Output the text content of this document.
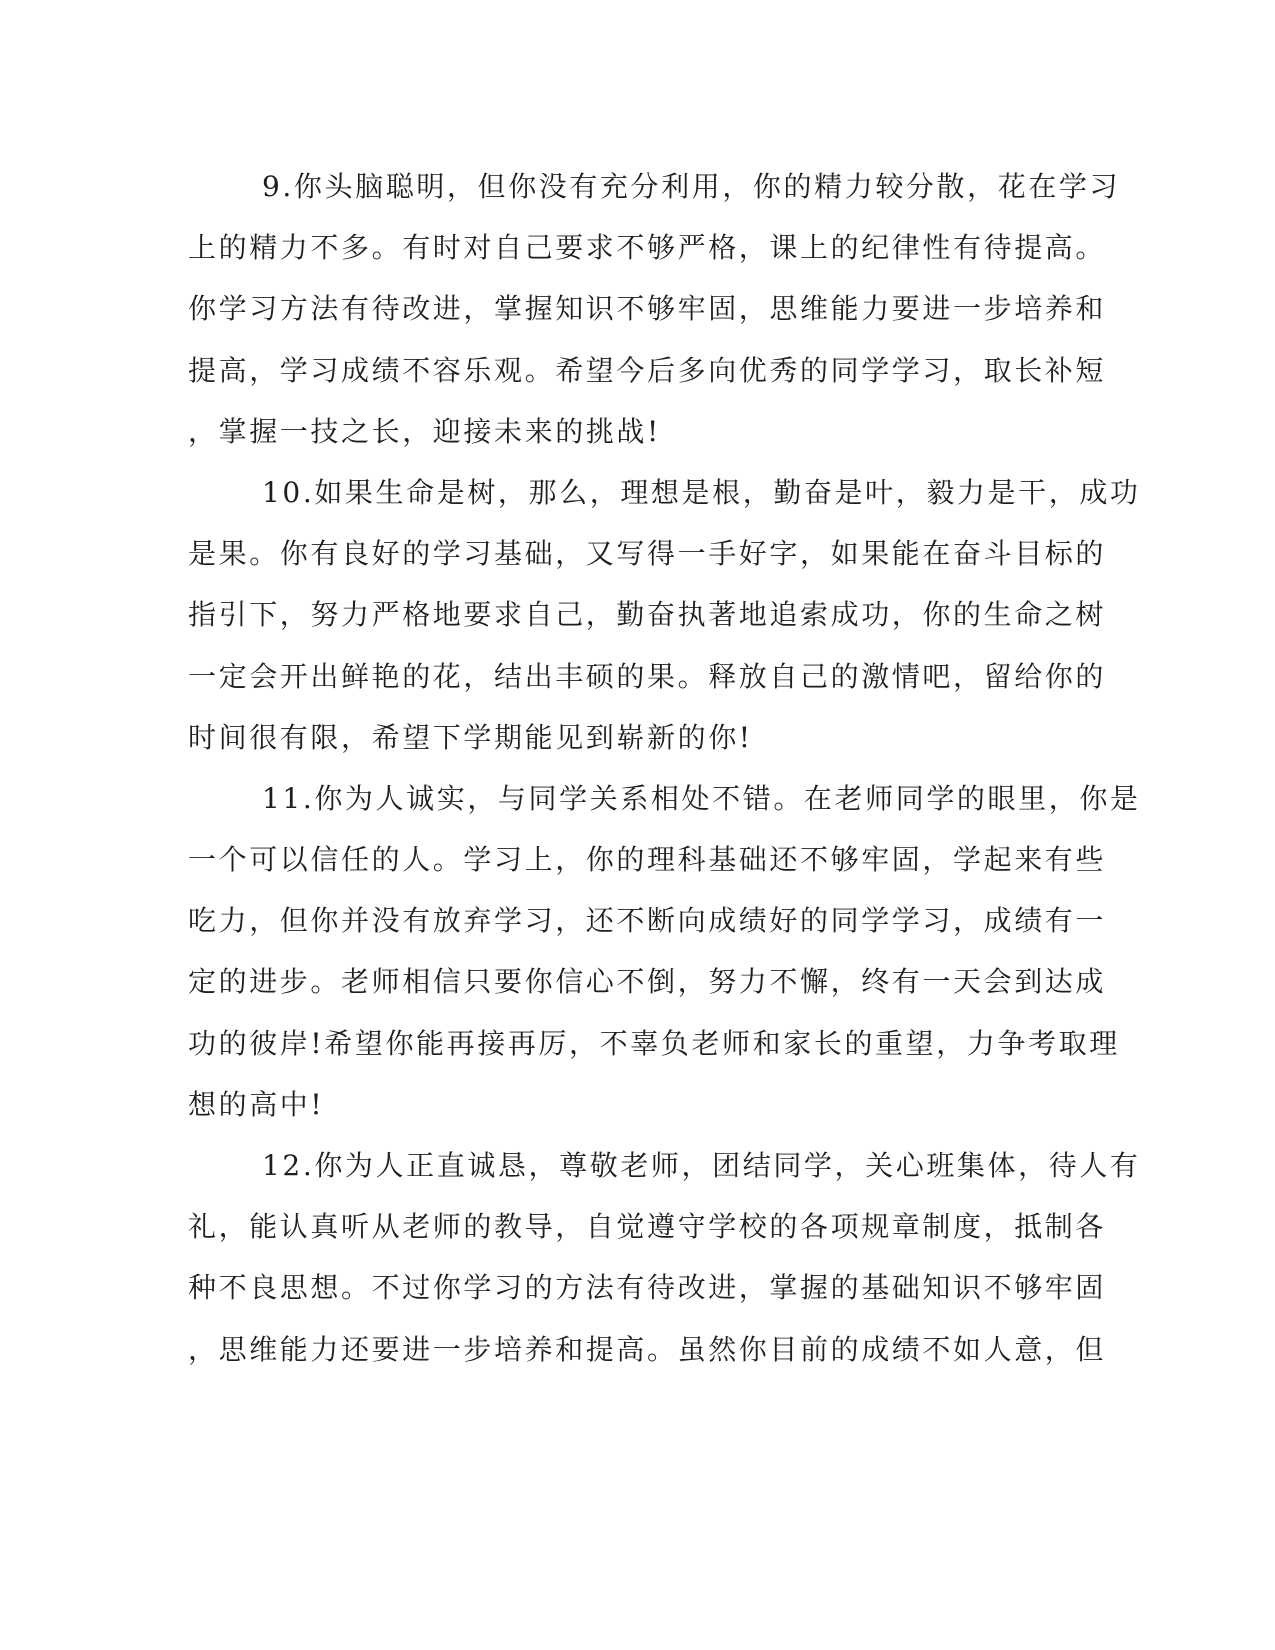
9.你头脑聪明，但你没有充分利用，你的精力较分散，花在学习
上的精力不多。有时对自己要求不够严格，课上的纪律性有待提高。
你学习方法有待改进，掌握知识不够牢固，思维能力要进一步培养和
提高，学习成绩不容乐观。希望今后多向优秀的同学学习，取长补短
，掌握一技之长，迎接未来的挑战!
10.如果生命是树，那么，理想是根，勤奋是叶，毅力是干，成功
是果。你有良好的学习基础，又写得一手好字，如果能在奋斗目标的
指引下，努力严格地要求自己，勤奋执著地追索成功，你的生命之树
一定会开出鲜艳的花，结出丰硕的果。释放自己的激情吧，留给你的
时间很有限，希望下学期能见到崭新的你!
11.你为人诚实，与同学关系相处不错。在老师同学的眼里，你是
一个可以信任的人。学习上，你的理科基础还不够牢固，学起来有些
吃力，但你并没有放弃学习，还不断向成绩好的同学学习，成绩有一
定的进步。老师相信只要你信心不倒，努力不懈，终有一天会到达成
功的彼岸!希望你能再接再厉，不辜负老师和家长的重望，力争考取理
想的高中!
12.你为人正直诚恳，尊敬老师，团结同学，关心班集体，待人有
礼，能认真听从老师的教导，自觉遵守学校的各项规章制度，抵制各
种不良思想。不过你学习的方法有待改进，掌握的基础知识不够牢固
，思维能力还要进一步培养和提高。虽然你目前的成绩不如人意，但
